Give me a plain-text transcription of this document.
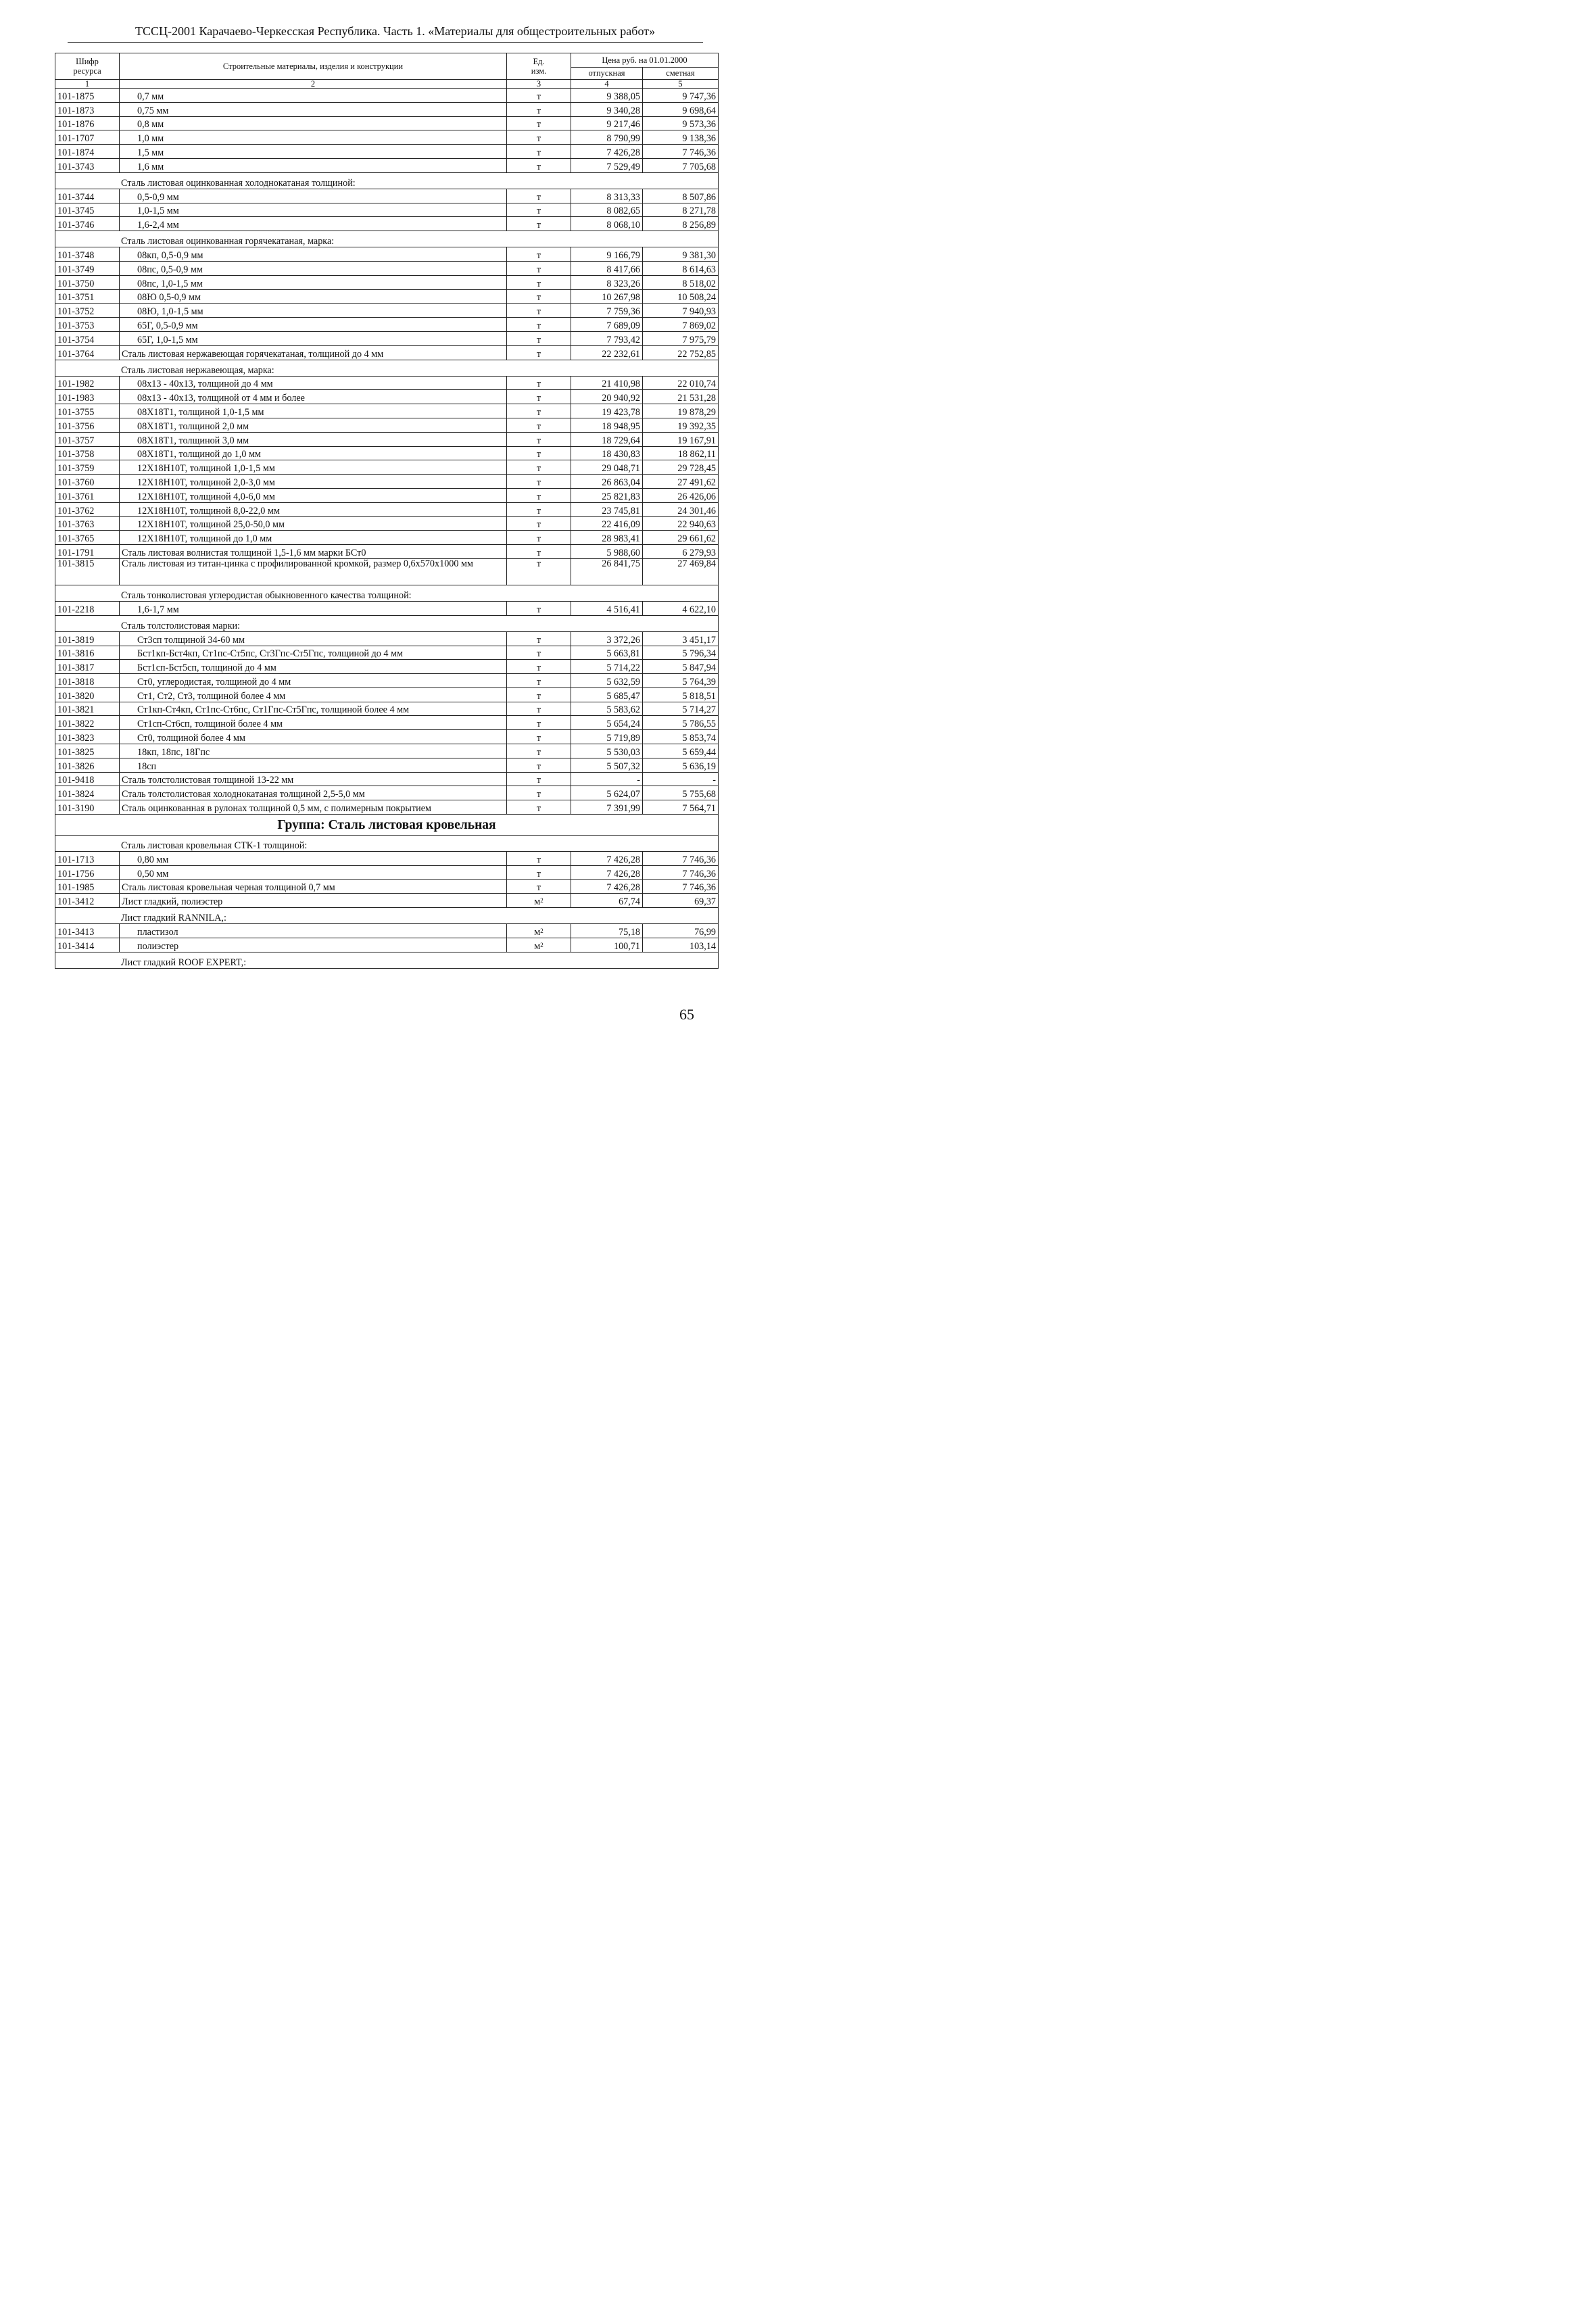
ТССЦ-2001 Карачаево-Черкесская Республика. Часть 1. «Материалы для общестроительных работ»
Шифр ресурса	Строительные материалы, изделия и конструкции	Ед. изм.	Цена руб. на 01.01.2000	
			отпускная	сметная
1	2	3	4	5
101-1875	0,7 мм	т	9 388,05	9 747,36
101-1873	0,75 мм	т	9 340,28	9 698,64
101-1876	0,8 мм	т	9 217,46	9 573,36
101-1707	1,0 мм	т	8 790,99	9 138,36
101-1874	1,5 мм	т	7 426,28	7 746,36
101-3743	1,6 мм	т	7 529,49	7 705,68
Сталь листовая оцинкованная холоднокатаная толщиной:				
101-3744	0,5-0,9 мм	т	8 313,33	8 507,86
101-3745	1,0-1,5 мм	т	8 082,65	8 271,78
101-3746	1,6-2,4 мм	т	8 068,10	8 256,89
Сталь листовая оцинкованная горячекатаная, марка:				
101-3748	08кп, 0,5-0,9 мм	т	9 166,79	9 381,30
101-3749	08пс, 0,5-0,9 мм	т	8 417,66	8 614,63
101-3750	08пс, 1,0-1,5 мм	т	8 323,26	8 518,02
101-3751	08Ю 0,5-0,9 мм	т	10 267,98	10 508,24
101-3752	08Ю, 1,0-1,5 мм	т	7 759,36	7 940,93
101-3753	65Г, 0,5-0,9 мм	т	7 689,09	7 869,02
101-3754	65Г, 1,0-1,5 мм	т	7 793,42	7 975,79
101-3764	Сталь листовая нержавеющая горячекатаная, толщиной до 4 мм	т	22 232,61	22 752,85
Сталь листовая нержавеющая, марка:				
101-1982	08x13 - 40x13, толщиной до 4 мм	т	21 410,98	22 010,74
101-1983	08x13 - 40x13, толщиной от 4 мм и более	т	20 940,92	21 531,28
101-3755	08X18T1, толщиной 1,0-1,5 мм	т	19 423,78	19 878,29
101-3756	08X18T1, толщиной 2,0 мм	т	18 948,95	19 392,35
101-3757	08X18T1, толщиной 3,0 мм	т	18 729,64	19 167,91
101-3758	08X18T1, толщиной до 1,0 мм	т	18 430,83	18 862,11
101-3759	12X18H10T, толщиной 1,0-1,5 мм	т	29 048,71	29 728,45
101-3760	12X18H10T, толщиной 2,0-3,0 мм	т	26 863,04	27 491,62
101-3761	12X18H10T, толщиной 4,0-6,0 мм	т	25 821,83	26 426,06
101-3762	12X18H10T, толщиной 8,0-22,0 мм	т	23 745,81	24 301,46
101-3763	12X18H10T, толщиной 25,0-50,0 мм	т	22 416,09	22 940,63
101-3765	12X18H10T, толщиной до 1,0 мм	т	28 983,41	29 661,62
101-1791	Сталь листовая волнистая толщиной 1,5-1,6 мм марки БСт0	т	5 988,60	6 279,93
101-3815	Сталь листовая из титан-цинка с профилированной кромкой, размер 0,6x570x1000 мм	т	26 841,75	27 469,84
Сталь тонколистовая углеродистая обыкновенного качества толщиной:				
101-2218	1,6-1,7 мм	т	4 516,41	4 622,10
Сталь толстолистовая марки:				
101-3819	Ст3сп толщиной 34-60 мм	т	3 372,26	3 451,17
101-3816	Бст1кп-Бст4кп, Ст1пс-Ст5пс, Ст3Гпс-Ст5Гпс, толщиной до 4 мм	т	5 663,81	5 796,34
101-3817	Бст1сп-Бст5сп, толщиной до 4 мм	т	5 714,22	5 847,94
101-3818	Ст0, углеродистая, толщиной до 4 мм	т	5 632,59	5 764,39
101-3820	Ст1, Ст2, Ст3, толщиной более 4 мм	т	5 685,47	5 818,51
101-3821	Ст1кп-Ст4кп, Ст1пс-Ст6пс, Ст1Гпс-Ст5Гпс, толщиной более 4 мм	т	5 583,62	5 714,27
101-3822	Ст1сп-Ст6сп, толщиной более 4 мм	т	5 654,24	5 786,55
101-3823	Ст0, толщиной более 4 мм	т	5 719,89	5 853,74
101-3825	18кп, 18пс, 18Гпс	т	5 530,03	5 659,44
101-3826	18сп	т	5 507,32	5 636,19
101-9418	Сталь толстолистовая толщиной 13-22 мм	т	-	-
101-3824	Сталь толстолистовая холоднокатаная толщиной 2,5-5,0 мм	т	5 624,07	5 755,68
101-3190	Сталь оцинкованная в рулонах толщиной 0,5 мм, с полимерным покрытием	т	7 391,99	7 564,71
Группа: Сталь листовая кровельная				
Сталь листовая кровельная СТК-1 толщиной:				
101-1713	0,80 мм	т	7 426,28	7 746,36
101-1756	0,50 мм	т	7 426,28	7 746,36
101-1985	Сталь листовая кровельная черная толщиной 0,7 мм	т	7 426,28	7 746,36
101-3412	Лист гладкий, полиэстер	$м^2$	67,74	69,37
Лист гладкий RANNILA,:				
101-3413	пластизол	$м^2$	75,18	76,99
101-3414	полиэстер	$м^2$	100,71	103,14
Лист гладкий ROOF EXPERT,:				
65
